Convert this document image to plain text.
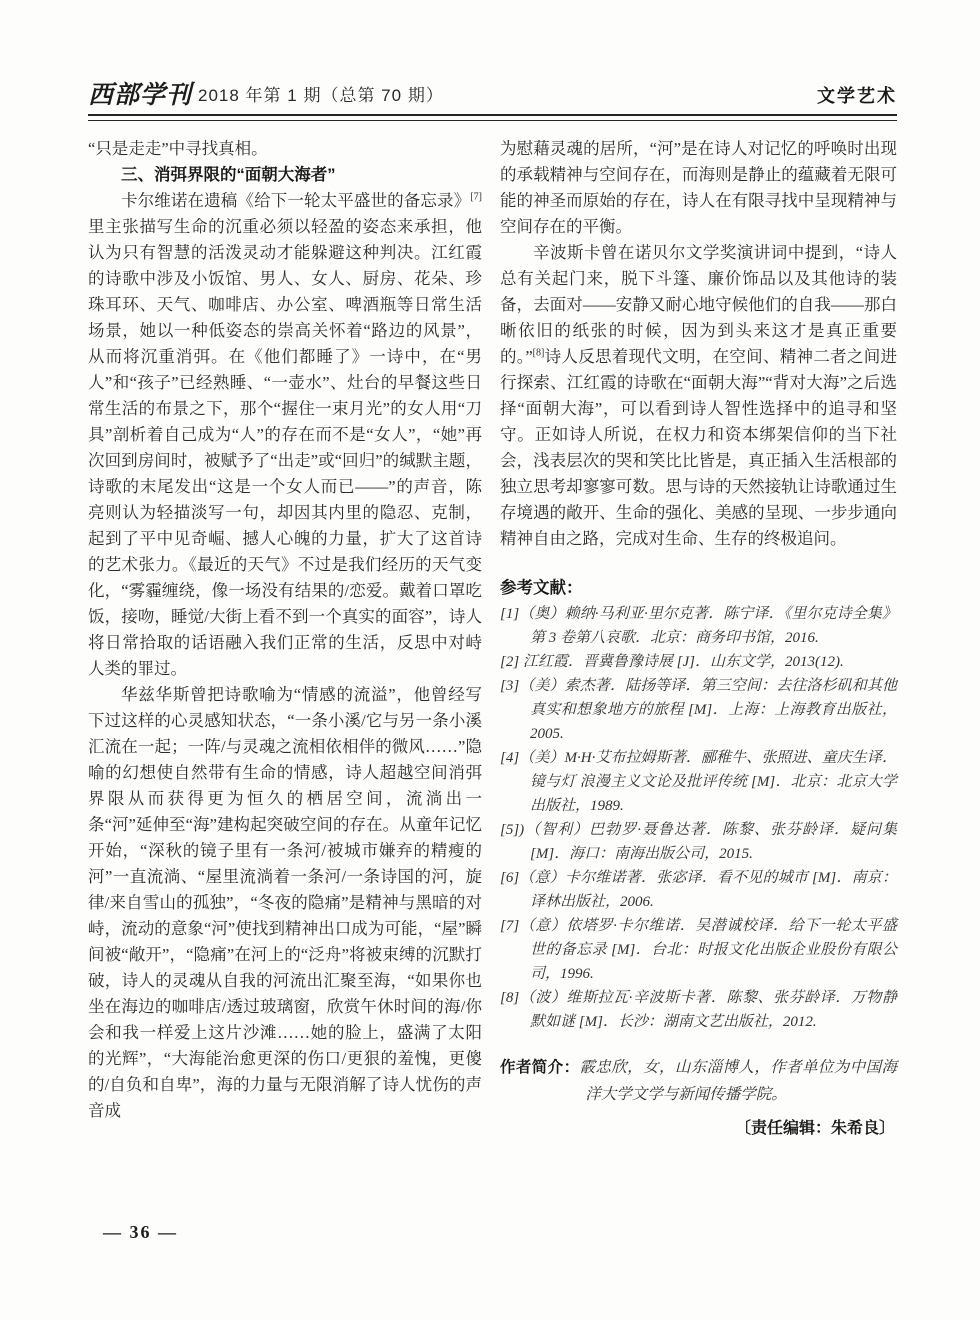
西部学刊 2018 年第 1 期（总第 70 期）	文学艺术

“只是走走”中寻找真相。

三、消弭界限的“面朝大海者”

卡尔维诺在遗稿《给下一轮太平盛世的备忘录》[7]里主张描写生命的沉重必须以轻盈的姿态来承担，他认为只有智慧的活泼灵动才能躲避这种判决。江红霞的诗歌中涉及小饭馆、男人、女人、厨房、花朵、珍珠耳环、天气、咖啡店、办公室、啤酒瓶等日常生活场景，她以一种低姿态的崇高关怀着“路边的风景”，从而将沉重消弭。在《他们都睡了》一诗中，在“男人”和“孩子”已经熟睡、“一壶水”、灶台的早餐这些日常生活的布景之下，那个“握住一束月光”的女人用“刀具”剖析着自己成为“人”的存在而不是“女人”，“她”再次回到房间时，被赋予了“出走”或“回归”的缄默主题，诗歌的末尾发出“这是一个女人而已——”的声音，陈亮则认为轻描淡写一句，却因其内里的隐忍、克制，起到了平中见奇崛、撼人心魄的力量，扩大了这首诗的艺术张力。《最近的天气》不过是我们经历的天气变化，“雾霾缠绕，像一场没有结果的/恋爱。戴着口罩吃饭，接吻，睡觉/大街上看不到一个真实的面容”，诗人将日常拾取的话语融入我们正常的生活，反思中对峙人类的罪过。

华兹华斯曾把诗歌喻为“情感的流溢”，他曾经写下过这样的心灵感知状态，“一条小溪/它与另一条小溪汇流在一起；一阵/与灵魂之流相依相伴的微风……”隐喻的幻想使自然带有生命的情感，诗人超越空间消弭界限从而获得更为恒久的栖居空间，流淌出一条“河”延伸至“海”建构起突破空间的存在。从童年记忆开始，“深秋的镜子里有一条河/被城市嫌弃的精瘦的河”一直流淌、“屋里流淌着一条河/一条诗国的河，旋律/来自雪山的孤独”，“冬夜的隐痛”是精神与黑暗的对峙，流动的意象“河”使找到精神出口成为可能，“屋”瞬间被“敞开”，“隐痛”在河上的“泛舟”将被束缚的沉默打破，诗人的灵魂从自我的河流出汇聚至海，“如果你也坐在海边的咖啡店/透过玻璃窗，欣赏午休时间的海/你会和我一样爱上这片沙滩……她的脸上，盛满了太阳的光辉”，“大海能治愈更深的伤口/更狠的羞愧，更傻的/自负和自卑”，海的力量与无限消解了诗人忧伤的声音成

为慰藉灵魂的居所，“河”是在诗人对记忆的呼唤时出现的承载精神与空间存在，而海则是静止的蕴藏着无限可能的神圣而原始的存在，诗人在有限寻找中呈现精神与空间存在的平衡。

辛波斯卡曾在诺贝尔文学奖演讲词中提到，“诗人总有关起门来，脱下斗篷、廉价饰品以及其他诗的装备，去面对——安静又耐心地守候他们的自我——那白晰依旧的纸张的时候，因为到头来这才是真正重要的。”[8]诗人反思着现代文明，在空间、精神二者之间进行探索、江红霞的诗歌在“面朝大海”“背对大海”之后选择“面朝大海”，可以看到诗人智性选择中的追寻和坚守。正如诗人所说，在权力和资本绑架信仰的当下社会，浅表层次的哭和笑比比皆是，真正插入生活根部的独立思考却寥寥可数。思与诗的天然接轨让诗歌通过生存境遇的敞开、生命的强化、美感的呈现、一步步通向精神自由之路，完成对生命、生存的终极追问。

参考文献：
[1]（奥）赖纳·马利亚·里尔克著．陈宁译．《里尔克诗全集》第 3 卷第八哀歌．北京：商务印书馆，2016.
[2] 江红霞．晋冀鲁豫诗展 [J]．山东文学，2013(12).
[3]（美）索杰著．陆扬等译．第三空间：去往洛杉矶和其他真实和想象地方的旅程 [M]．上海：上海教育出版社，2005.
[4]（美）M·H·艾布拉姆斯著．郦稚牛、张照进、童庆生译．镜与灯 浪漫主义文论及批评传统 [M]．北京：北京大学出版社，1989.
[5])（智利）巴勃罗·聂鲁达著．陈黎、张芬龄译．疑问集 [M]．海口：南海出版公司，2015.
[6]（意）卡尔维诺著．张宓译．看不见的城市 [M]．南京：译林出版社，2006.
[7]（意）依塔罗·卡尔维诺．吴潜诚校译．给下一轮太平盛世的备忘录 [M]．台北：时报文化出版企业股份有限公司，1996.
[8]（波）维斯拉瓦·辛波斯卡著．陈黎、张芬龄译．万物静默如谜 [M]．长沙：湖南文艺出版社，2012.
作者简介：霰忠欣，女，山东淄博人，作者单位为中国海洋大学文学与新闻传播学院。
〔责任编辑：朱希良〕
— 36 —
